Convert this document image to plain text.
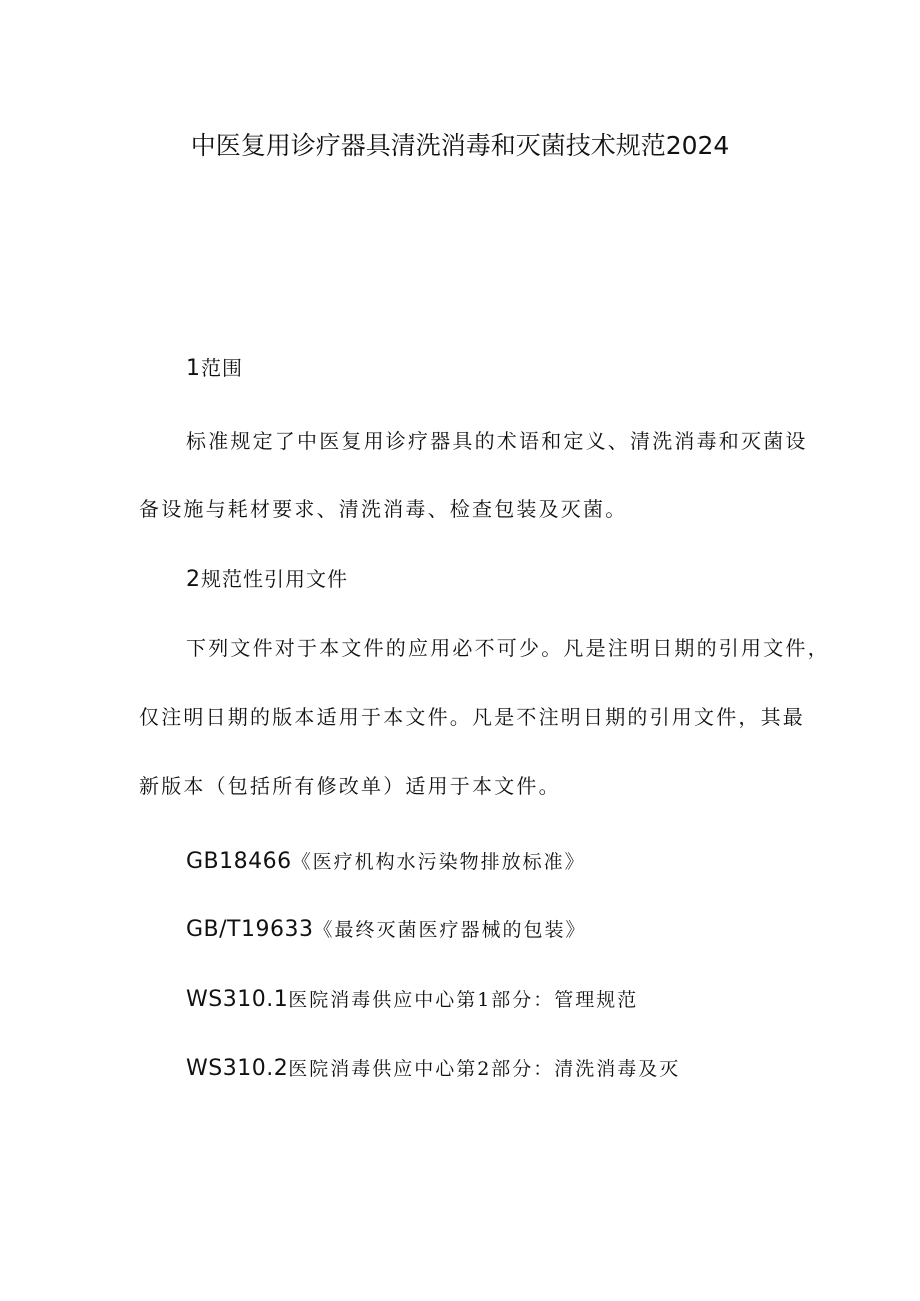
中医复用诊疗器具清洗消毒和灭菌技术规范2024
1范围

标准规定了中医复用诊疗器具的术语和定义、清洗消毒和灭菌设

备设施与耗材要求、清洗消毒、检查包装及灭菌。

2规范性引用文件

下列文件对于本文件的应用必不可少。凡是注明日期的引用文件，

仅注明日期的版本适用于本文件。凡是不注明日期的引用文件，其最

新版本（包括所有修改单）适用于本文件。

GB18466《医疗机构水污染物排放标准》
GB/T19633《最终灭菌医疗器械的包装》
WS310.1医院消毒供应中心第1部分：管理规范
WS310.2医院消毒供应中心第2部分：清洗消毒及灭
